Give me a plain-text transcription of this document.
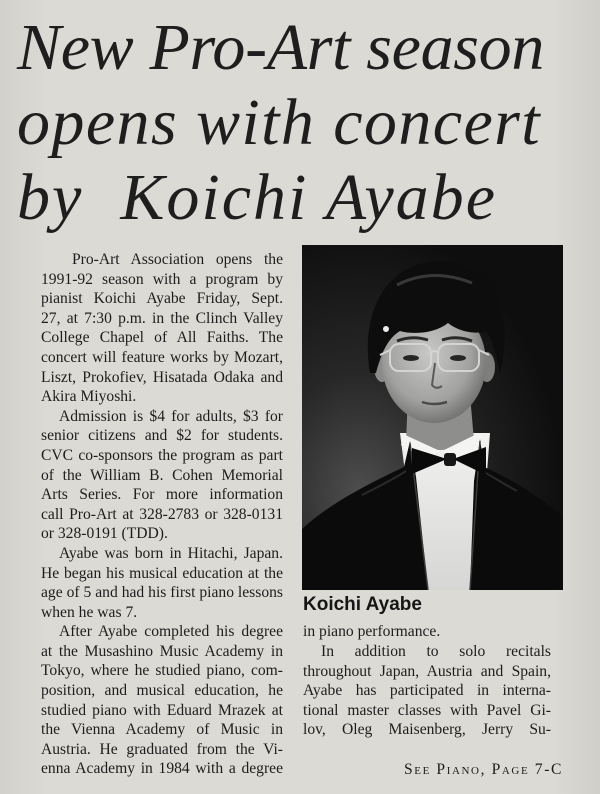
New Pro-Art season
opens with concert
by  Koichi Ayabe
Pro-Art Association opens the
1991-92 season with a program by
pianist Koichi Ayabe Friday, Sept.
27, at 7:30 p.m. in the Clinch Valley
College Chapel of All Faiths. The
concert will feature works by Mozart,
Liszt, Prokofiev, Hisatada Odaka and
Akira Miyoshi.
Admission is $4 for adults, $3 for
senior citizens and $2 for students.
CVC co-sponsors the program as part
of the William B. Cohen Memorial
Arts Series. For more information
call Pro-Art at 328-2783 or 328-0131
or 328-0191 (TDD).
Ayabe was born in Hitachi, Japan.
He began his musical education at the
age of 5 and had his first piano lessons
when he was 7.
After Ayabe completed his degree
at the Musashino Music Academy in
Tokyo, where he studied piano, com-
position, and musical education, he
studied piano with Eduard Mrazek at
the Vienna Academy of Music in
Austria. He graduated from the Vi-
enna Academy in 1984 with a degree
Koichi Ayabe
in piano performance.
In addition to solo recitals
throughout Japan, Austria and Spain,
Ayabe has participated in interna-
tional master classes with Pavel Gi-
lov, Oleg Maisenberg, Jerry Su-
See Piano, Page 7-C
